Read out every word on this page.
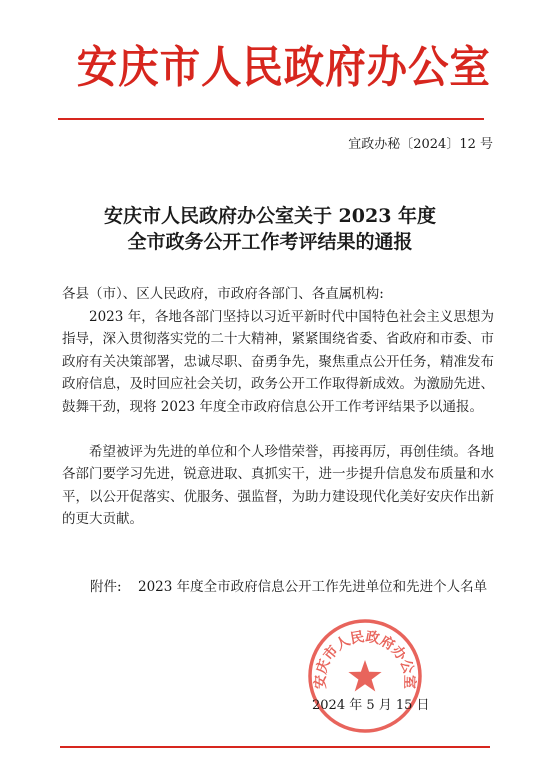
安庆市人民政府办公室
宜政办秘〔2024〕12 号
安庆市人民政府办公室关于 2023 年度
全市政务公开工作考评结果的通报
各县（市）、区人民政府，市政府各部门、各直属机构:
2023 年，各地各部门坚持以习近平新时代中国特色社会主义思想为指导，深入贯彻落实党的二十大精神，紧紧围绕省委、省政府和市委、市政府有关决策部署，忠诚尽职、奋勇争先，聚焦重点公开任务，精准发布政府信息，及时回应社会关切，政务公开工作取得新成效。为激励先进、鼓舞干劲，现将 2023 年度全市政府信息公开工作考评结果予以通报。
希望被评为先进的单位和个人珍惜荣誉，再接再厉，再创佳绩。各地各部门要学习先进，锐意进取、真抓实干，进一步提升信息发布质量和水平，以公开促落实、优服务、强监督，为助力建设现代化美好安庆作出新的更大贡献。
附件: 2023 年度全市政府信息公开工作先进单位和先进个人名单
安庆市人民政府办公室
2024 年 5 月 15 日
